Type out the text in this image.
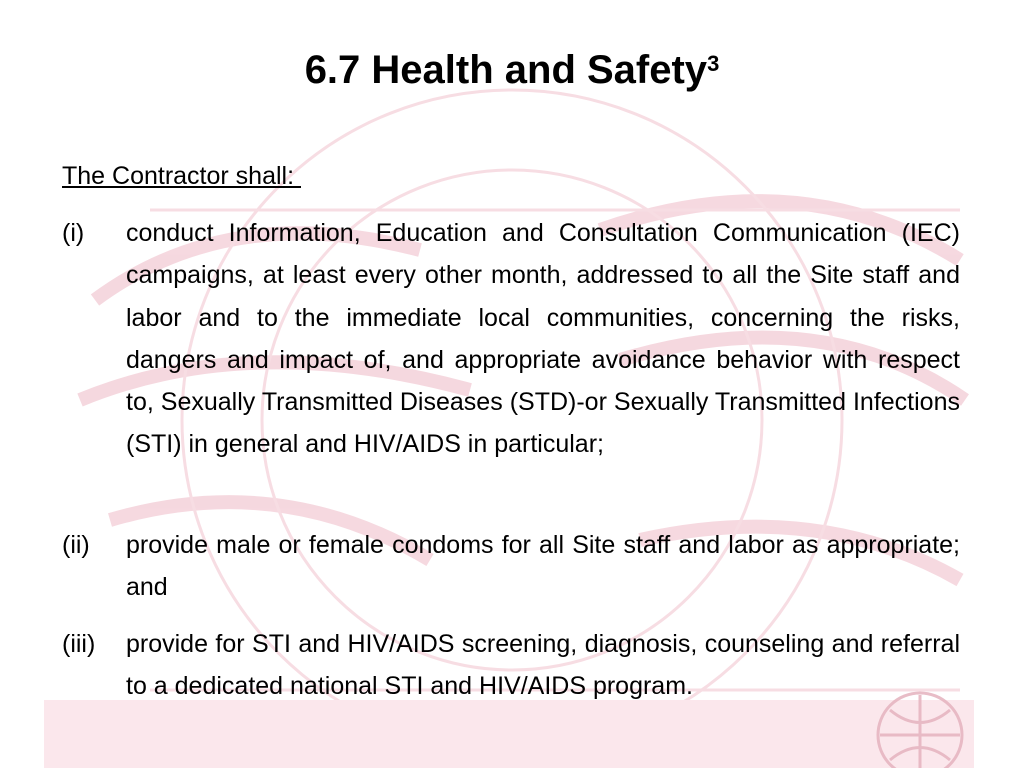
6.7 Health and Safety$^3$
The Contractor shall:
(i) conduct Information, Education and Consultation Communication (IEC) campaigns, at least every other month, addressed to all the Site staff and labor and to the immediate local communities, concerning the risks, dangers and impact of, and appropriate avoidance behavior with respect to, Sexually Transmitted Diseases (STD)-or Sexually Transmitted Infections (STI) in general and HIV/AIDS in particular;
(ii) provide male or female condoms for all Site staff and labor as appropriate; and
(iii) provide for STI and HIV/AIDS screening, diagnosis, counseling and referral to a dedicated national STI and HIV/AIDS program.
